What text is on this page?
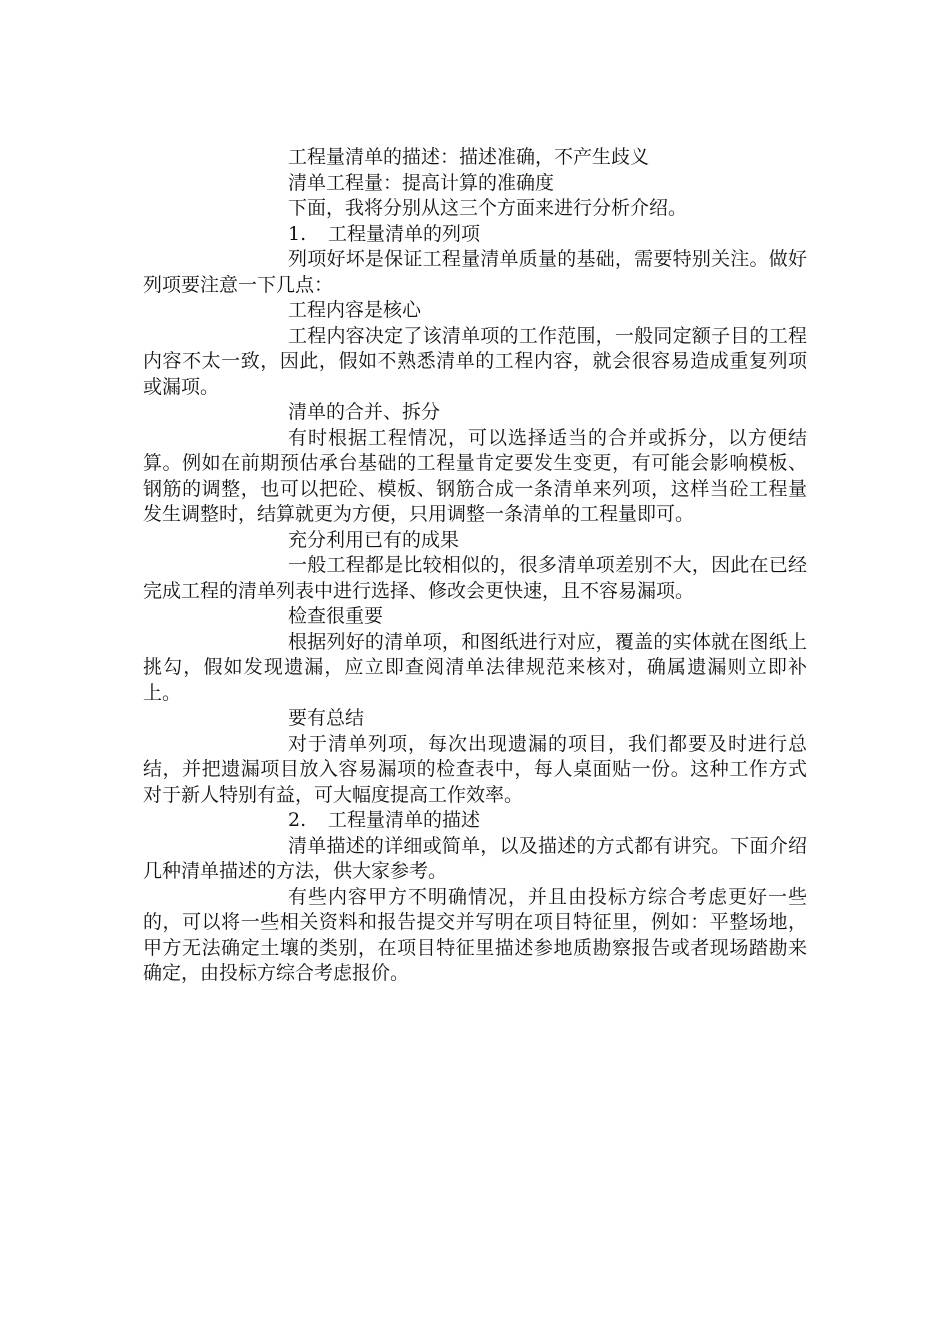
工程量清单的描述：描述准确，不产生歧义

清单工程量：提高计算的准确度

下面，我将分别从这三个方面来进行分析介绍。

1. 工程量清单的列项

列项好坏是保证工程量清单质量的基础，需要特别关注。做好列项要注意一下几点：

工程内容是核心

工程内容决定了该清单项的工作范围，一般同定额子目的工程内容不太一致，因此，假如不熟悉清单的工程内容，就会很容易造成重复列项或漏项。

清单的合并、拆分

有时根据工程情况，可以选择适当的合并或拆分，以方便结算。例如在前期预估承台基础的工程量肯定要发生变更，有可能会影响模板、钢筋的调整，也可以把砼、模板、钢筋合成一条清单来列项，这样当砼工程量发生调整时，结算就更为方便，只用调整一条清单的工程量即可。

充分利用已有的成果

一般工程都是比较相似的，很多清单项差别不大，因此在已经完成工程的清单列表中进行选择、修改会更快速，且不容易漏项。

检查很重要

根据列好的清单项，和图纸进行对应，覆盖的实体就在图纸上挑勾，假如发现遗漏，应立即查阅清单法律规范来核对，确属遗漏则立即补上。

要有总结

对于清单列项，每次出现遗漏的项目，我们都要及时进行总结，并把遗漏项目放入容易漏项的检查表中，每人桌面贴一份。这种工作方式对于新人特别有益，可大幅度提高工作效率。

2. 工程量清单的描述

清单描述的详细或简单，以及描述的方式都有讲究。下面介绍几种清单描述的方法，供大家参考。

有些内容甲方不明确情况，并且由投标方综合考虑更好一些的，可以将一些相关资料和报告提交并写明在项目特征里，例如：平整场地，甲方无法确定土壤的类别，在项目特征里描述参地质勘察报告或者现场踏勘来确定，由投标方综合考虑报价。
